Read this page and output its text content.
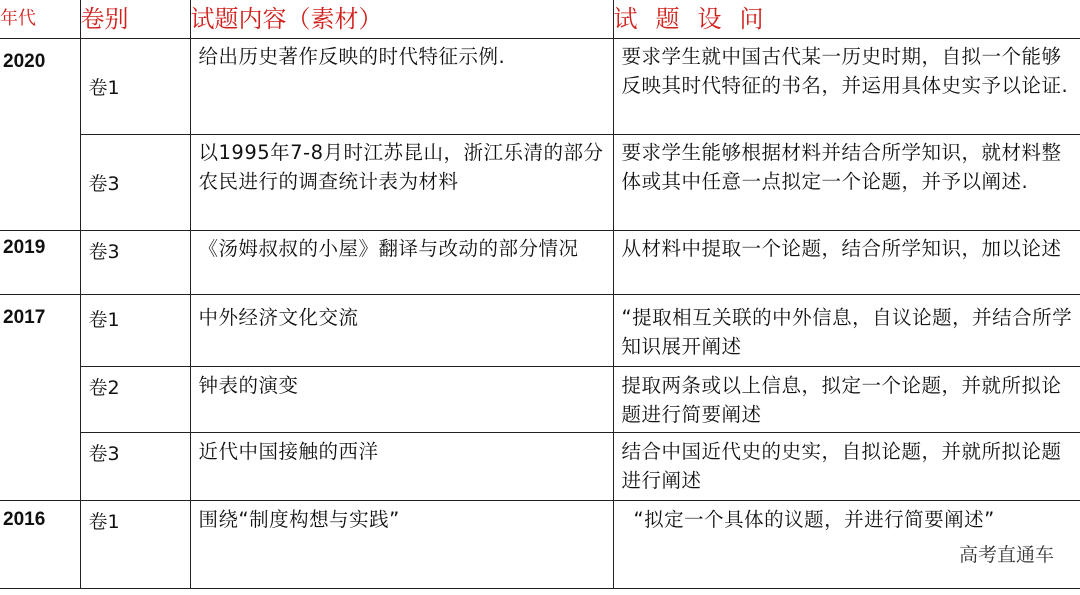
年代	卷别	试题内容（素材）	试题设问
2020	卷1	给出历史著作反映的时代特征示例.	要求学生就中国古代某一历史时期，自拟一个能够反映其时代特征的书名，并运用具体史实予以论证.
	卷3	以1995年7-8月时江苏昆山，浙江乐清的部分农民进行的调查统计表为材料	要求学生能够根据材料并结合所学知识，就材料整体或其中任意一点拟定一个论题，并予以阐述.
2019	卷3	《汤姆叔叔的小屋》翻译与改动的部分情况	从材料中提取一个论题，结合所学知识，加以论述
2017	卷1	中外经济文化交流	“提取相互关联的中外信息，自议论题，并结合所学知识展开阐述
	卷2	钟表的演变	提取两条或以上信息，拟定一个论题，并就所拟论题进行简要阐述
	卷3	近代中国接触的西洋	结合中国近代史的史实，自拟论题，并就所拟论题进行阐述
2016	卷1	围绕“制度构想与实践”	“拟定一个具体的议题，并进行简要阐述”
高考直通车
